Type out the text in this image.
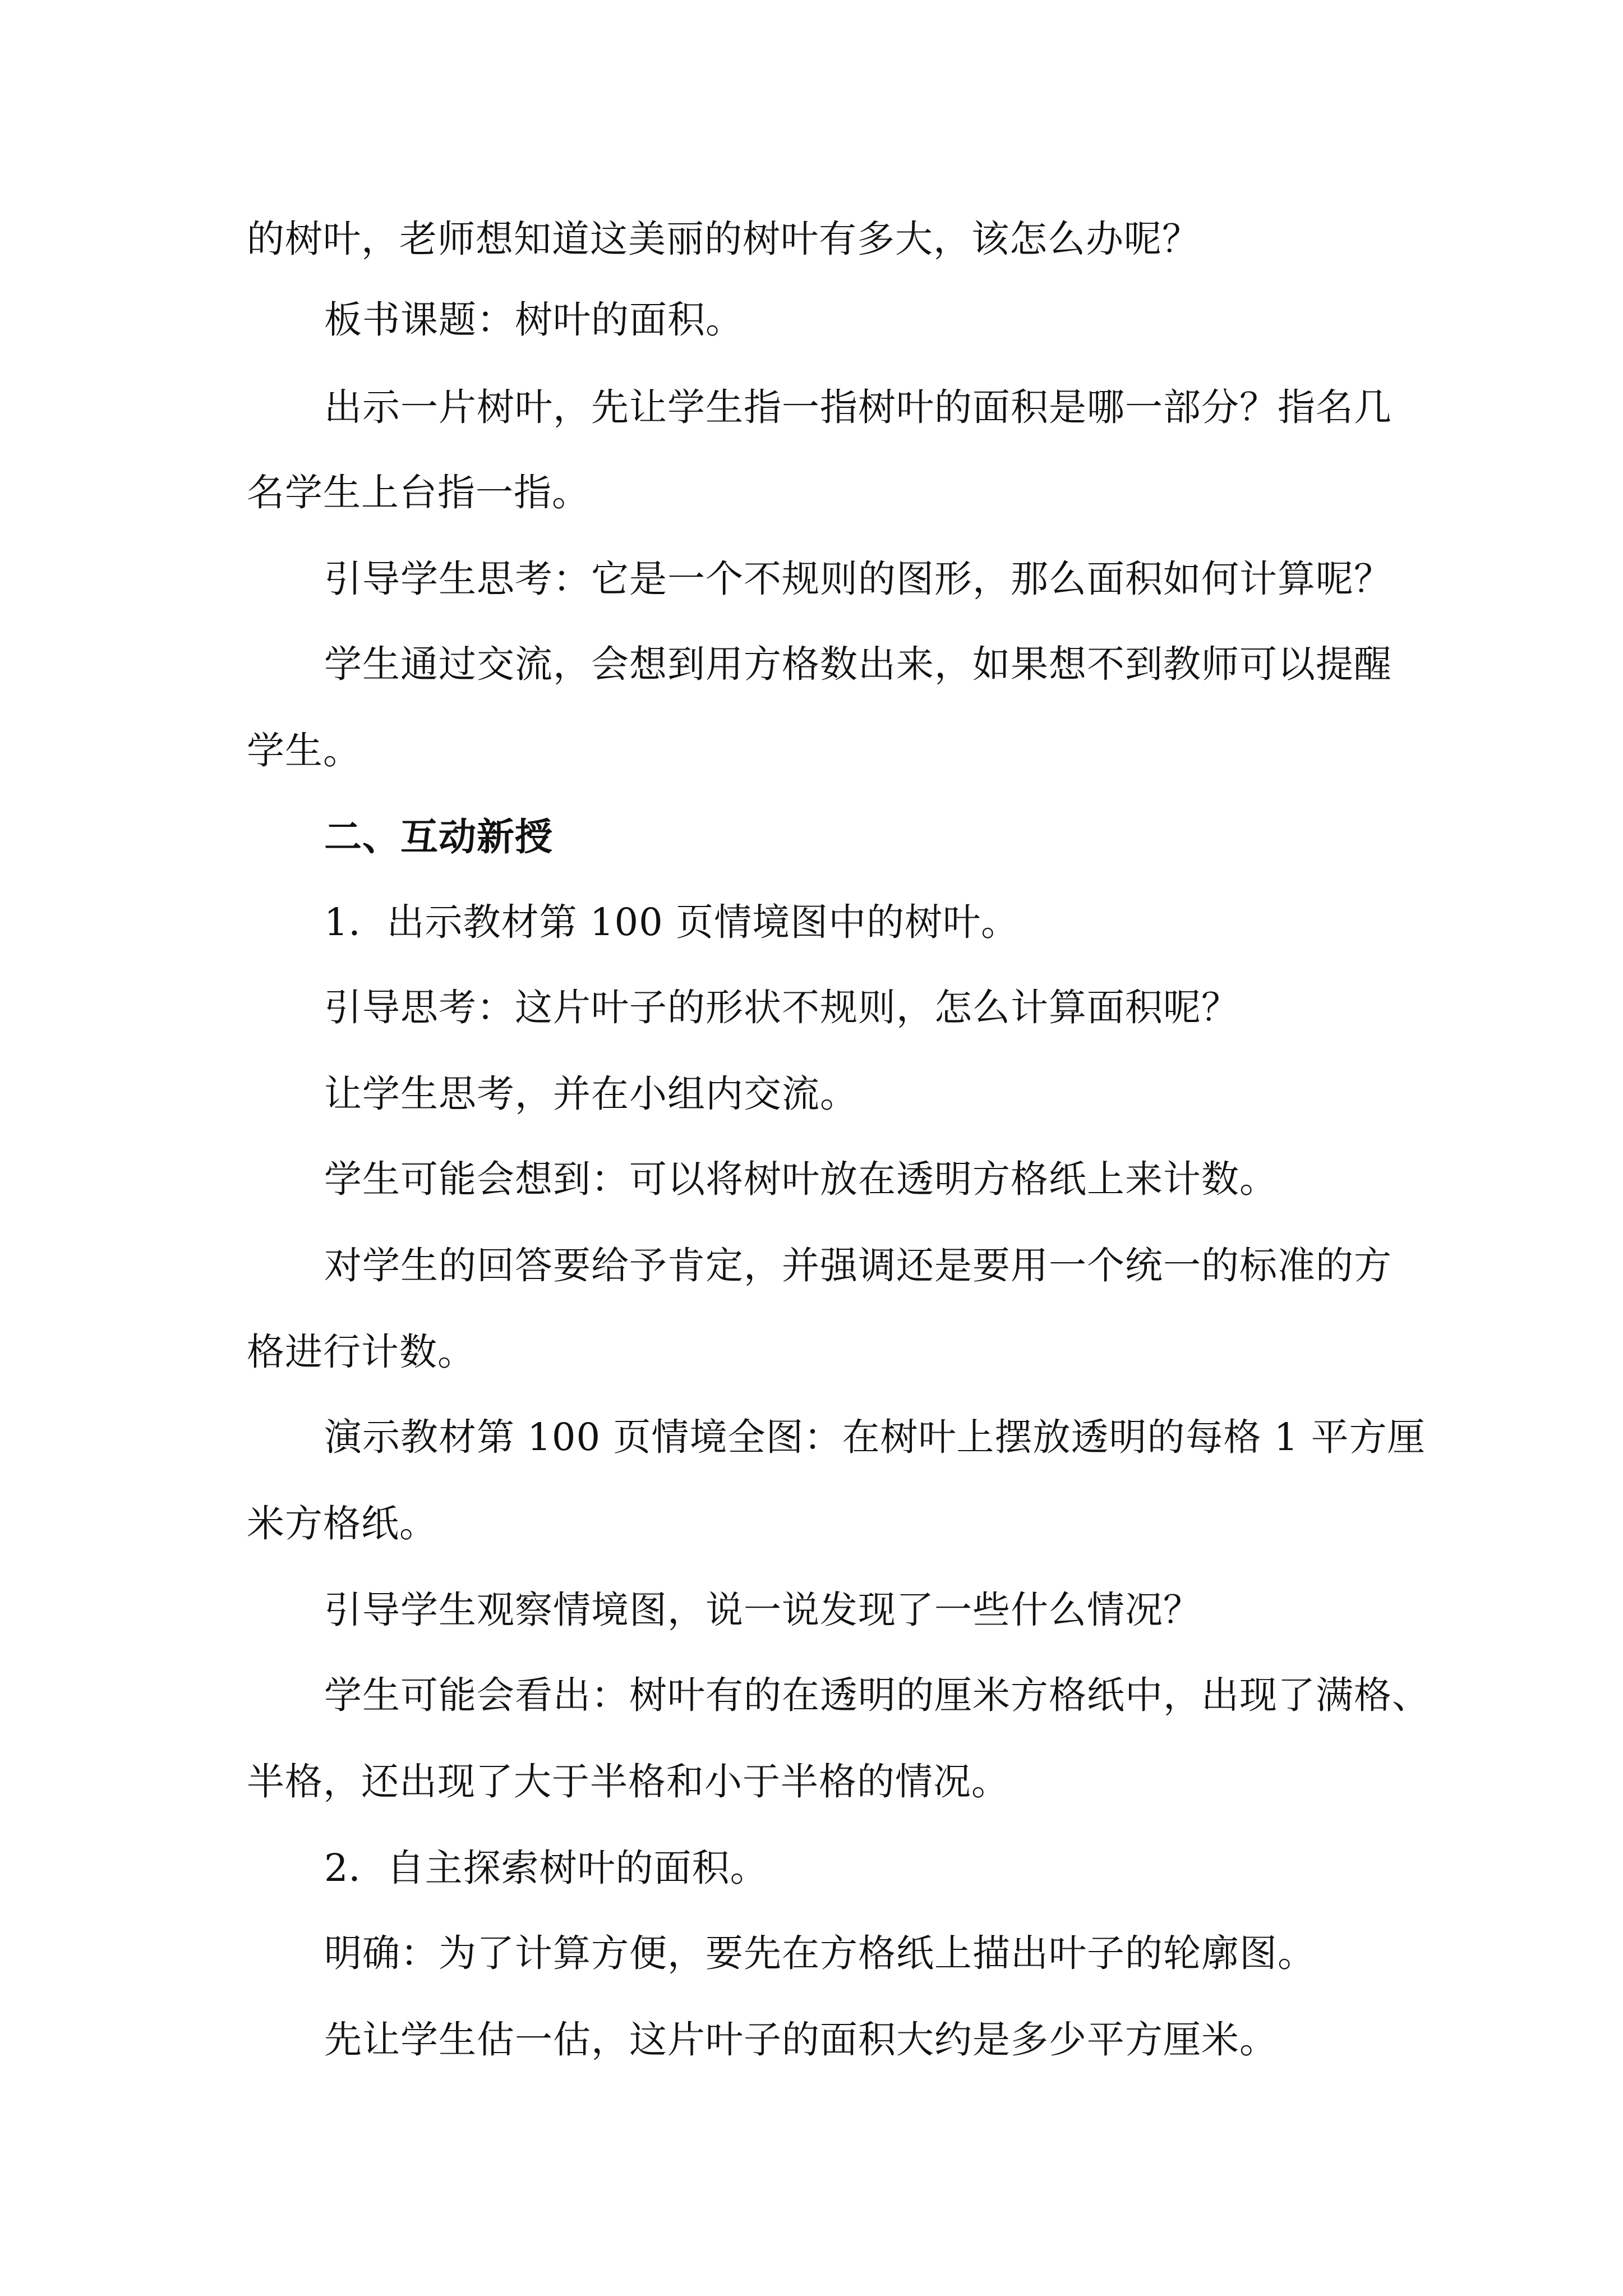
的树叶，老师想知道这美丽的树叶有多大，该怎么办呢？

板书课题：树叶的面积。

出示一片树叶，先让学生指一指树叶的面积是哪一部分？指名几

名学生上台指一指。

引导学生思考：它是一个不规则的图形，那么面积如何计算呢？

学生通过交流，会想到用方格数出来，如果想不到教师可以提醒

学生。

二、互动新授

1．出示教材第 100 页情境图中的树叶。

引导思考：这片叶子的形状不规则，怎么计算面积呢？

让学生思考，并在小组内交流。

学生可能会想到：可以将树叶放在透明方格纸上来计数。

对学生的回答要给予肯定，并强调还是要用一个统一的标准的方

格进行计数。

演示教材第 100 页情境全图：在树叶上摆放透明的每格 1 平方厘

米方格纸。

引导学生观察情境图，说一说发现了一些什么情况？

学生可能会看出：树叶有的在透明的厘米方格纸中，出现了满格、

半格，还出现了大于半格和小于半格的情况。

2．自主探索树叶的面积。

明确：为了计算方便，要先在方格纸上描出叶子的轮廓图。

先让学生估一估，这片叶子的面积大约是多少平方厘米。
